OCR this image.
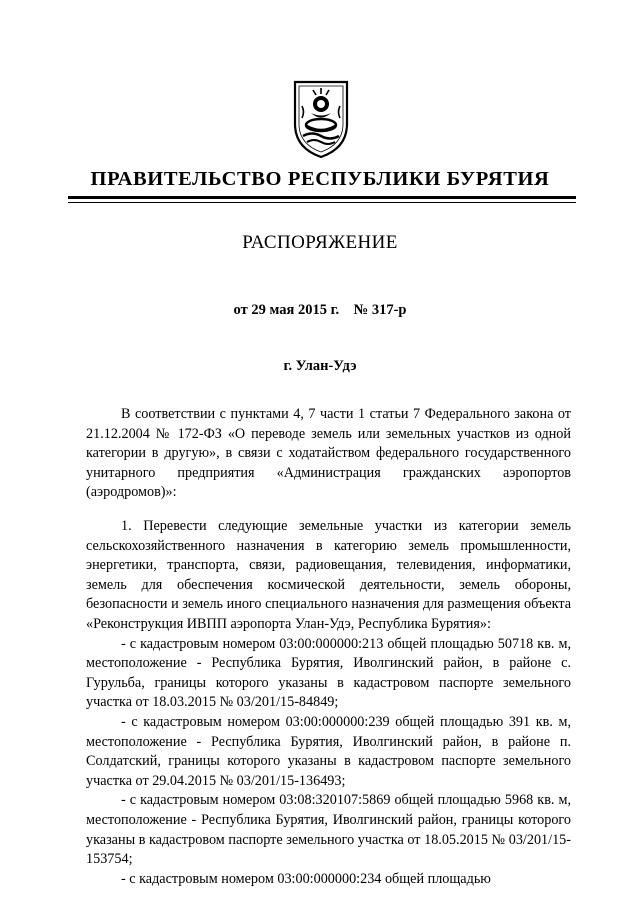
ПРАВИТЕЛЬСТВО РЕСПУБЛИКИ БУРЯТИЯ
РАСПОРЯЖЕНИЕ
от 29 мая 2015 г.    № 317-р
г. Улан-Удэ

В соответствии с пунктами 4, 7 части 1 статьи 7 Федерального закона от 21.12.2004 № 172-ФЗ «О переводе земель или земельных участков из одной категории в другую», в связи с ходатайством федерального государственного унитарного предприятия «Администрация гражданских аэропортов (аэродромов)»:

1. Перевести следующие земельные участки из категории земель сельскохозяйственного назначения в категорию земель промышленности, энергетики, транспорта, связи, радиовещания, телевидения, информатики, земель для обеспечения космической деятельности, земель обороны, безопасности и земель иного специального назначения для размещения объекта «Реконструкция ИВПП аэропорта Улан-Удэ, Республика Бурятия»:

- с кадастровым номером 03:00:000000:213 общей площадью 50718 кв. м, местоположение - Республика Бурятия, Иволгинский район, в районе с. Гурульба, границы которого указаны в кадастровом паспорте земельного участка от 18.03.2015 № 03/201/15-84849;

- с кадастровым номером 03:00:000000:239 общей площадью 391 кв. м, местоположение - Республика Бурятия, Иволгинский район, в районе п. Солдатский, границы которого указаны в кадастровом паспорте земельного участка от 29.04.2015 № 03/201/15-136493;

- с кадастровым номером 03:08:320107:5869 общей площадью 5968 кв. м, местоположение - Республика Бурятия, Иволгинский район, границы которого указаны в кадастровом паспорте земельного участка от 18.05.2015 № 03/201/15-153754;

- с кадастровым номером 03:00:000000:234 общей площадью
